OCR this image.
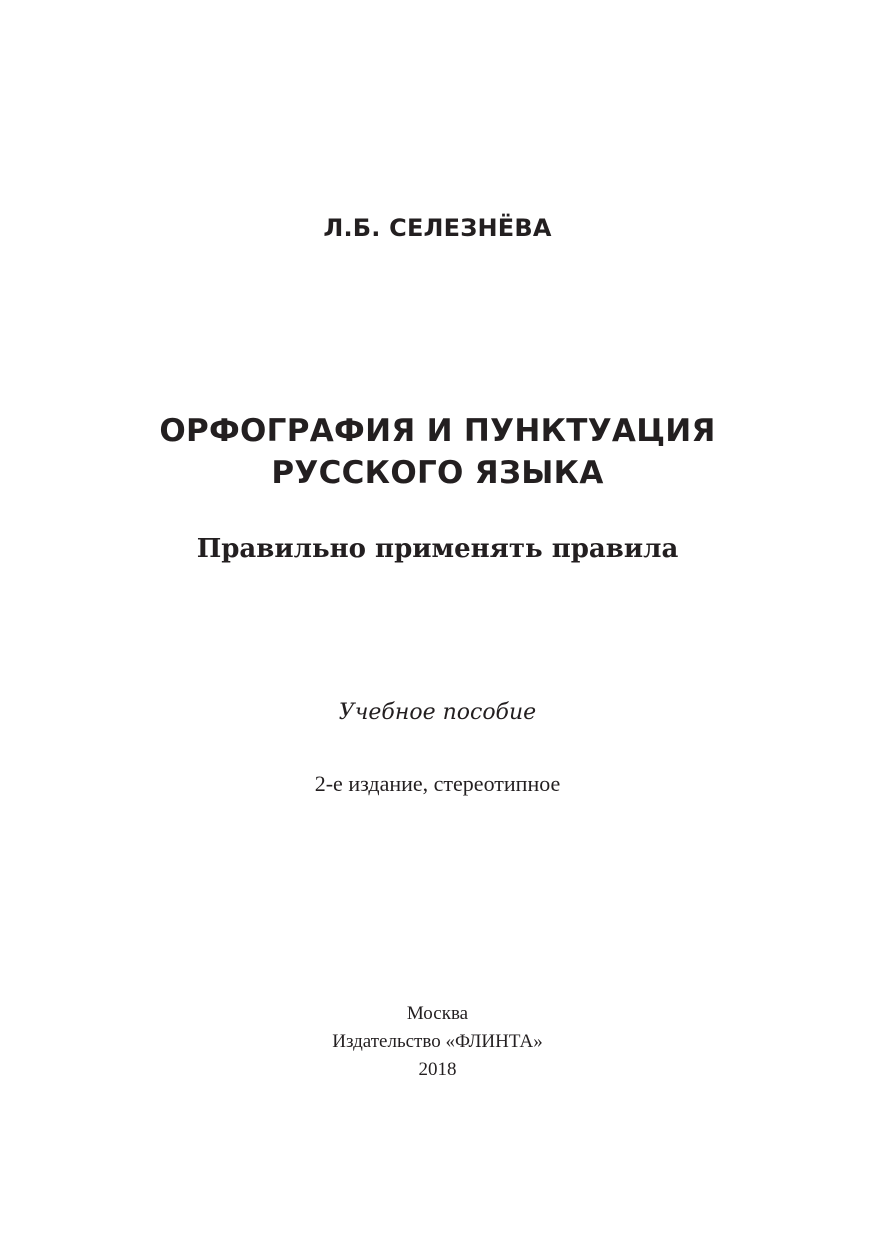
Л.Б. СЕЛЕЗНЁВА
ОРФОГРАФИЯ И ПУНКТУАЦИЯ
РУССКОГО ЯЗЫКА
Правильно применять правила
Учебное пособие
2-е издание, стереотипное
Москва
Издательство «ФЛИНТА»
2018
